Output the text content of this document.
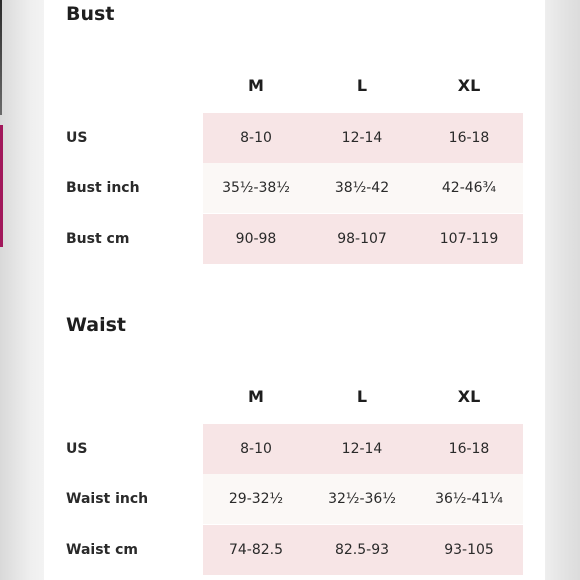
Bust
M	L	XL
US	8-10	12-14	16-18
Bust inch	35½-38½	38½-42	42-46¾
Bust cm	90-98	98-107	107-119
Waist
M	L	XL
US	8-10	12-14	16-18
Waist inch	29-32½	32½-36½	36½-41¼
Waist cm	74-82.5	82.5-93	93-105
